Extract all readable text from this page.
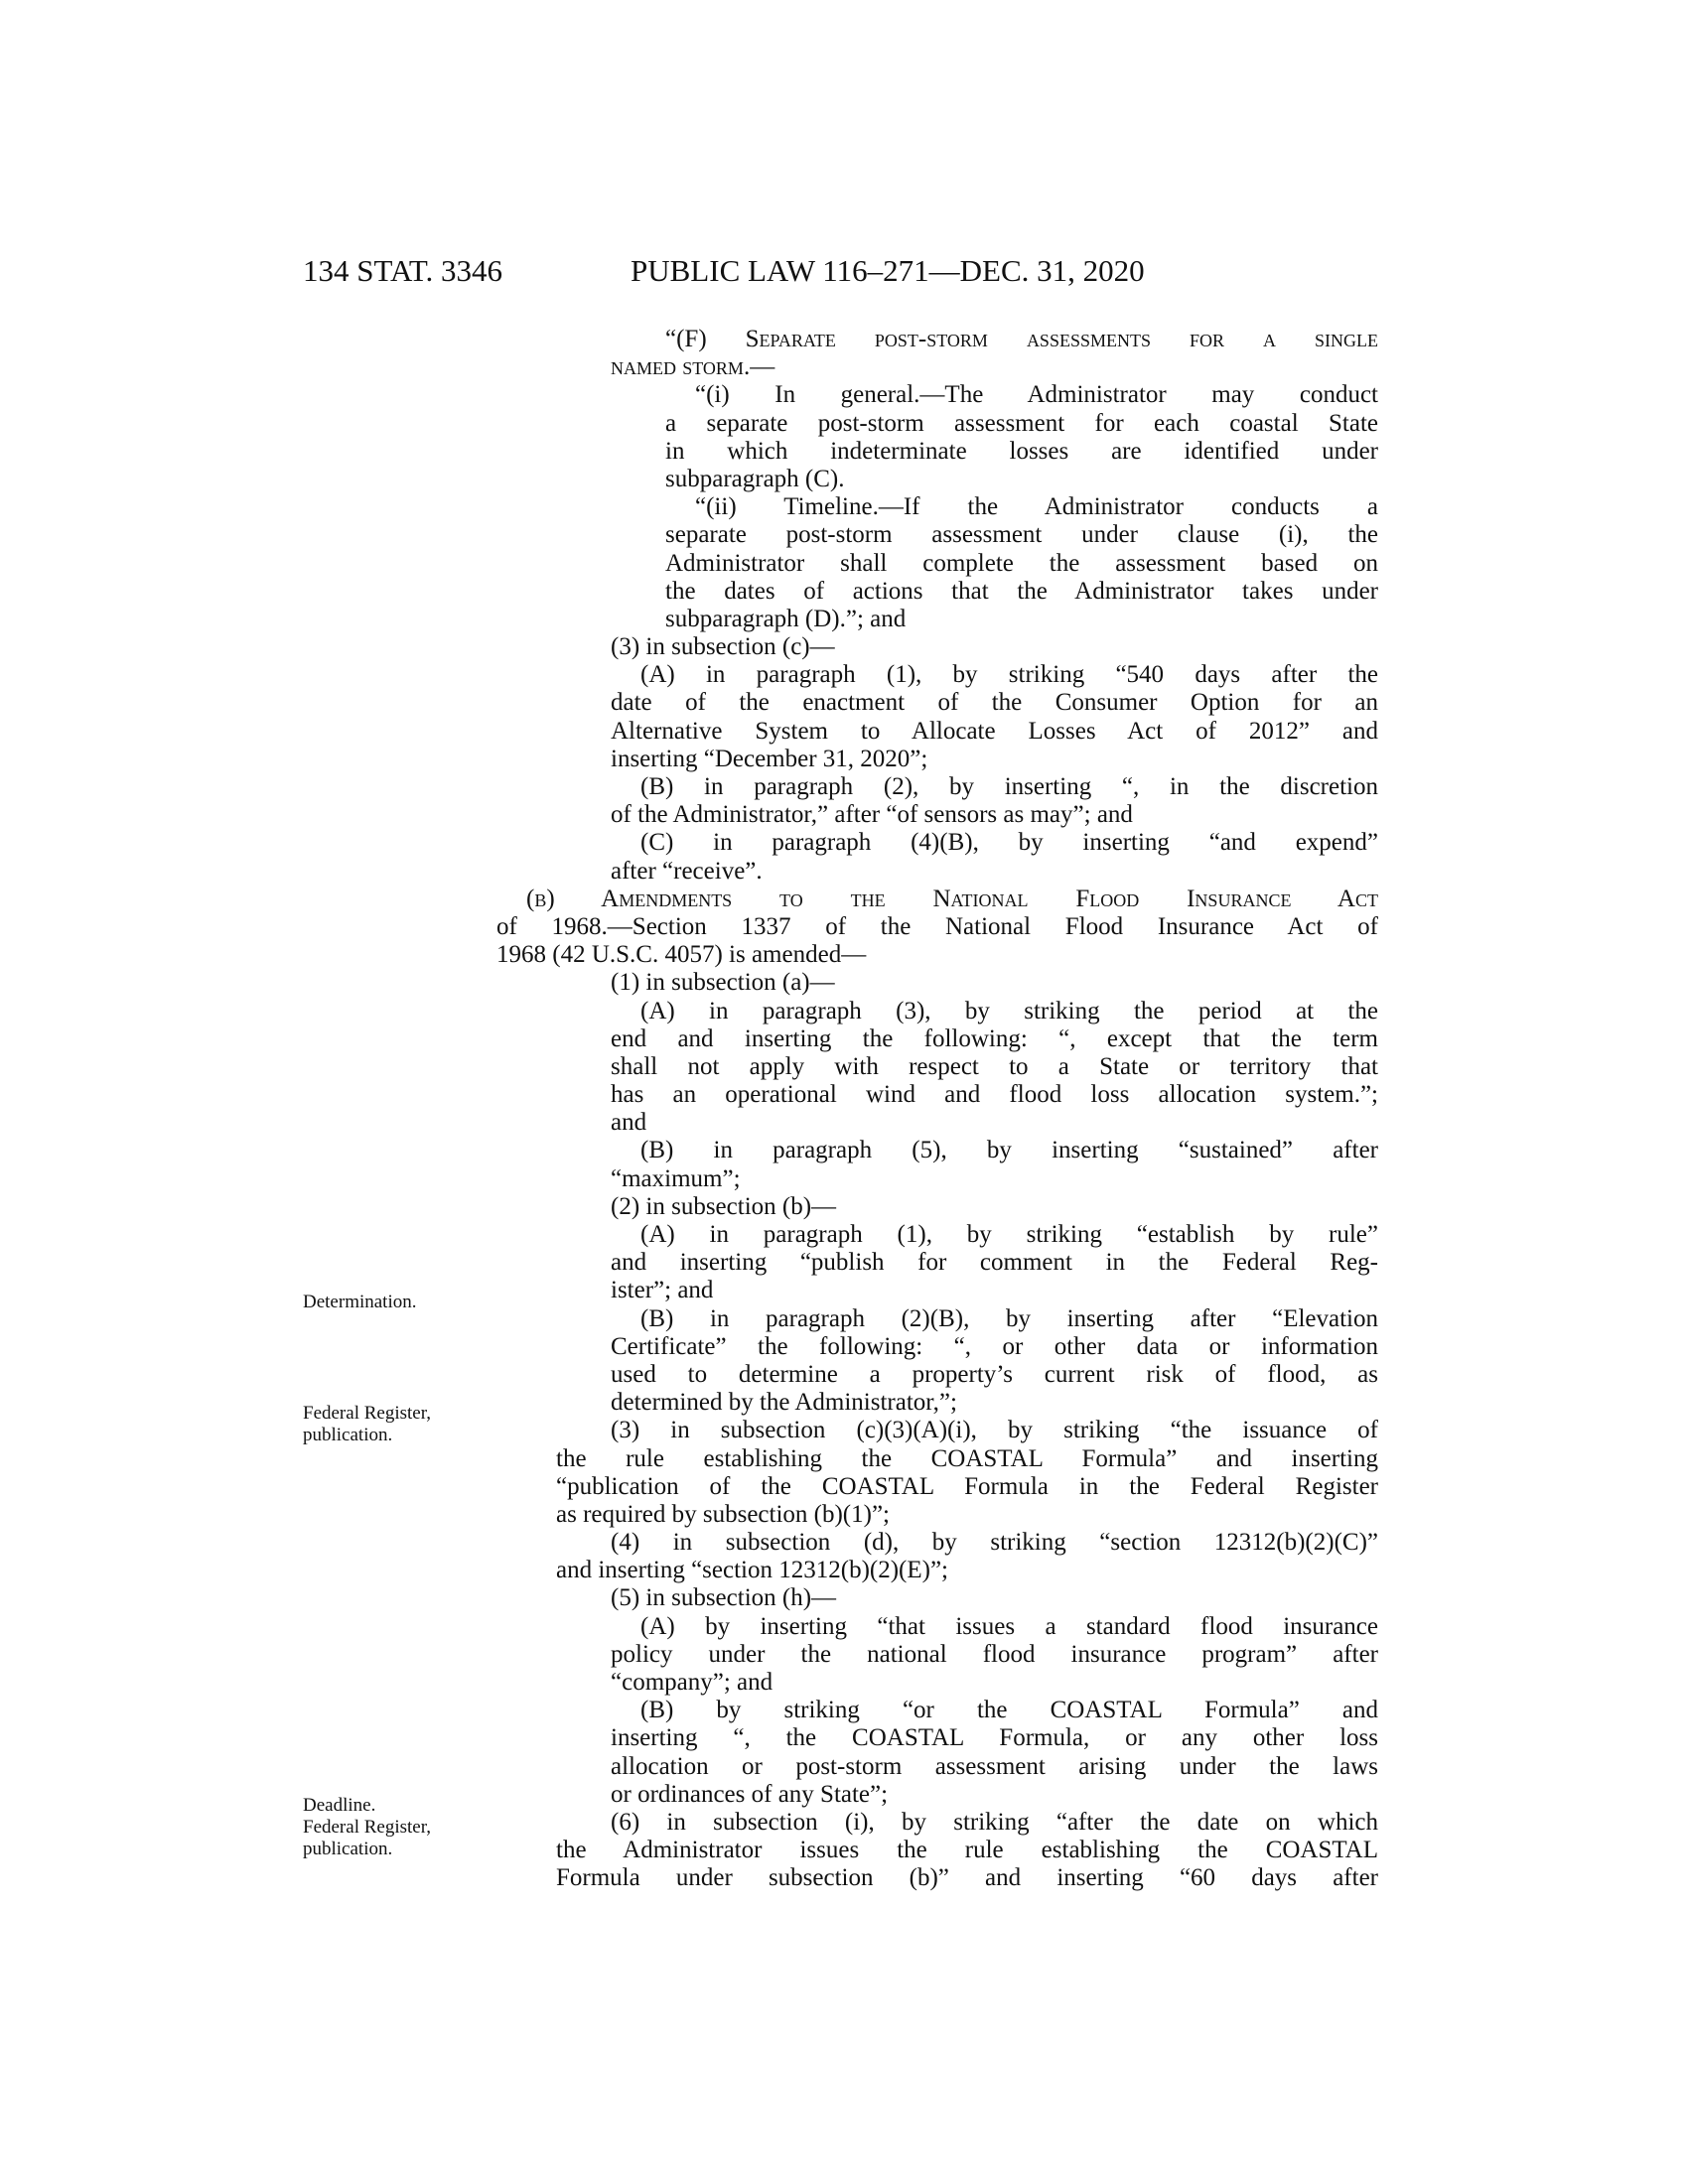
134 STAT. 3346	PUBLIC LAW 116–271—DEC. 31, 2020
Determination.
Federal Register,
publication.
Deadline.
Federal Register,
publication.
“(F) Separate post-storm assessments for a single
named storm.—
“(i) In general.—The Administrator may conduct
a separate post-storm assessment for each coastal State
in which indeterminate losses are identified under
subparagraph (C).
“(ii) Timeline.—If the Administrator conducts a
separate post-storm assessment under clause (i), the
Administrator shall complete the assessment based on
the dates of actions that the Administrator takes under
subparagraph (D).”; and
(3) in subsection (c)—
(A) in paragraph (1), by striking “540 days after the
date of the enactment of the Consumer Option for an
Alternative System to Allocate Losses Act of 2012” and
inserting “December 31, 2020”;
(B) in paragraph (2), by inserting “, in the discretion
of the Administrator,” after “of sensors as may”; and
(C) in paragraph (4)(B), by inserting “and expend”
after “receive”.
(b) Amendments to the National Flood Insurance Act
of 1968.—Section 1337 of the National Flood Insurance Act of
1968 (42 U.S.C. 4057) is amended—
(1) in subsection (a)—
(A) in paragraph (3), by striking the period at the
end and inserting the following: “, except that the term
shall not apply with respect to a State or territory that
has an operational wind and flood loss allocation system.”;
and
(B) in paragraph (5), by inserting “sustained” after
“maximum”;
(2) in subsection (b)—
(A) in paragraph (1), by striking “establish by rule”
and inserting “publish for comment in the Federal Reg-
ister”; and
(B) in paragraph (2)(B), by inserting after “Elevation
Certificate” the following: “, or other data or information
used to determine a property’s current risk of flood, as
determined by the Administrator,”;
(3) in subsection (c)(3)(A)(i), by striking “the issuance of
the rule establishing the COASTAL Formula” and inserting
“publication of the COASTAL Formula in the Federal Register
as required by subsection (b)(1)”;
(4) in subsection (d), by striking “section 12312(b)(2)(C)”
and inserting “section 12312(b)(2)(E)”;
(5) in subsection (h)—
(A) by inserting “that issues a standard flood insurance
policy under the national flood insurance program” after
“company”; and
(B) by striking “or the COASTAL Formula” and
inserting “, the COASTAL Formula, or any other loss
allocation or post-storm assessment arising under the laws
or ordinances of any State”;
(6) in subsection (i), by striking “after the date on which
the Administrator issues the rule establishing the COASTAL
Formula under subsection (b)” and inserting “60 days after
